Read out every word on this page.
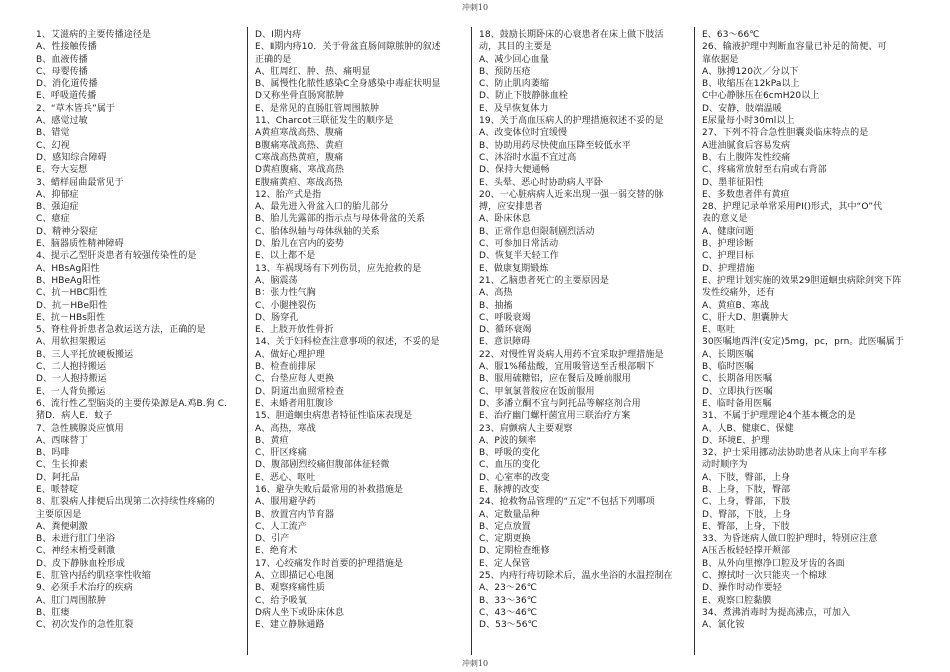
冲刺10
1、艾滋病的主要传播途径是
A、性接触传播
B、血液传播
C、母婴传播
D、消化道传播
E、呼吸道传播
2、“草木皆兵”属于
A、感觉过敏
B、错觉
C、幻视
D、感知综合障碍
E、夸大妄想
3、蜡样屈曲最常见于
A、抑郁症
B、强迫症
C、癔症
D、精神分裂症
E、脑器质性精神障碍
4、提示乙型肝炎患者有较强传染性的是
A、HBsAg阳性
B、HBeAg阳性
C、抗－HBC阳性
D、抗－HBe阳性
E、抗－HBs阳性
5、脊柱骨折患者急救运送方法，正确的是
A、用软担架搬运
B、三人平托放硬板搬运
C、二人抱持搬运
D、一人抱持搬运
E、一人背负搬运
6、流行性乙型脑炎的主要传染源是A.鸡B.狗 C.
猪D．病人E．蚊子
7、急性胰腺炎应慎用
A、西咪替丁
B、吗啡
C、生长抑素
D、阿托品
E、哌替啶
8、肛裂病人排便后出现第二次持续性疼痛的
主要原因是
A、粪便刺激
B、未进行肛门坐浴
C、神经末梢受刺激
D、皮下静脉血栓形成
E、肛管内括约肌痉挛性收缩
9、必须手术治疗的疾病
A、肛门周围脓肿
B、肛瘘
C、初次发作的急性肛裂
D、Ⅰ期内痔
E、Ⅱ期内痔10．关于骨盆直肠间隙脓肿的叙述
正确的是
A、肛周红、肿、热、痛明显
B、属慢性化脓性感染C全身感染中毒症状明显
D又称坐骨直肠窝脓肿
E、是常见的直肠肛管周围脓肿
11、Charcot三联征发生的顺序是
A黄疸寒战高热、腹痛
B腹痛寒战高热、黄疸
C寒战高热黄疸，腹痛
D黄疸腹痛、寒战高热
E腹痛黄疸、寒战高热
12、胎产式是指
A、最先进入骨盆入口的胎儿部分
B、胎儿先露部的指示点与母体骨盆的关系
C、胎体纵轴与母体纵轴的关系
D、胎儿在宫内的姿势
E、以上都不是
13、车祸现场有下列伤员，应先抢救的是
A、脑震荡
B：张力性气胸
C、小腿挫裂伤
D、肠穿孔
E、上肢开放性骨折
14、关于妇科检查注意事项的叙述，不妥的是
A、做好心理护理
B、检查前排尿
C、台垫应每人更换
D、阴道出血照常检查
E、未婚者用肛腹诊
15、胆道蛔虫病患者特征性临床表现是
A、高热，寒战
B、黄疸
C、肝区疼痛
D、腹部剧烈绞痛但腹部体征轻微
E、恶心、呕吐
16、避孕失败后最常用的补救措施是
A、服用避孕药
B、放置宫内节育器
C、人工流产
D、引产
E、绝育术
17、心绞痛发作时首要的护理措施是
A、立即描记心电图
B、观察疼痛性质
C、给予吸氧
D病人坐下或卧床休息
E、建立静脉通路
18、鼓励长期卧床的心衰患者在床上做下肢活
动，其目的主要是
A、减少回心血量
B、预防压疮
C、防止肌肉萎缩
D、防止下肢静脉血栓
E、及早恢复体力
19、关于高血压病人的护理措施叙述不妥的是
A、改变体位时宜缓慢
B、协助用药尽快使血压降至较低水平
C、沐浴时水温不宜过高
D、保持大便通畅
E、头晕、恶心时协助病人平卧
20、一心脏病病人近来出现一强一弱交替的脉
搏，应安排患者
A、卧床休息
B、正常作息但限制剧烈活动
C、可参加日常活动
D、恢复半天轻工作
E、做康复期锻炼
21、乙脑患者死亡的主要原因是
A、高热
B、抽搐
C、呼吸衰竭
D、循环衰竭
E、意识障碍
22、对慢性胃炎病人用药不宜采取护理措施是
A、服1%稀盐酸，宜用吸管送至舌根部咽下
B、服用硫糖铝，应在餐后及睡前服用
C、甲氧氯普胺应在饭前服用
D、多潘立酮不宜与阿托品等解痉剂合用
E、治疗幽门螺杆菌宜用三联治疗方案
23、肩颤病人主要观察
A、P波的频率
B、呼吸的变化
C、血压的变化
D、心室率的改变
E、脉搏的改变
24、抢救物品管理的“五定”不包括下列哪项
A、定数量品种
B、定点放置
C、定期更换
D、定期检查维修
E、定人保管
25、内痔行痔切除术后，温水坐浴的水温控制在
A、23～26℃
B、33～36℃
C、43～46℃
D、53～56℃
E、63～66℃
26、输液护理中判断血容量已补足的简便、可
靠依据是
A、脉搏120次／分以下
B、收缩压在12kPa以上
C中心静脉压在6cmH20以上
D、安静，肢端温暖
E尿量每小时30ml以上
27、下列不符合急性胆囊炎临床特点的是
A进油腻食后容易发病
B、右上腹阵发性绞痛
C、疼痛常放射至右肩或右背部
D、墨菲征阳性
E、多数患者伴有黄疸
28、护理记录单常采用PI()形式，其中“O”代
表的意义是
A、健康问题
B、护理诊断
C、护理目标
D、护理措施
E、护理计划实施的效果29胆道蛔虫病除剑突下阵
发性绞痛外，还有
A、黄疸B、寒战
C、肝大D、胆囊肿大
E、呕吐
30医嘱地西泮(安定)5mg，pc，prn。此医嘱属于
A、长期医嘱
B、临时医嘱
C、长期备用医嘱
D、立即执行医嘱
E、临时备用医嘱
31、不属于护理理论4个基本概念的是
A、人B、健康C、保健
D、环境E、护理
32、护士采用挪动法协助患者从床上向平车移
动时顺序为
A、下肢，臀部，上身
B、上身，下肢，臀部
C、上身，臀部，下肢
D、臀部，下肢，上身
E、臀部，上身，下肢
33、为昏迷病人做口腔护理时，特别应注意
A压舌板轻轻撑开颊部
B、从外向里擦净口腔及牙齿的各面
C、擦拭时一次只能夹一个棉球
D、操作时动作要轻
E、观察口腔黏膜
34、煮沸消毒时为提高沸点，可加入
A、氯化铵
冲刺10
